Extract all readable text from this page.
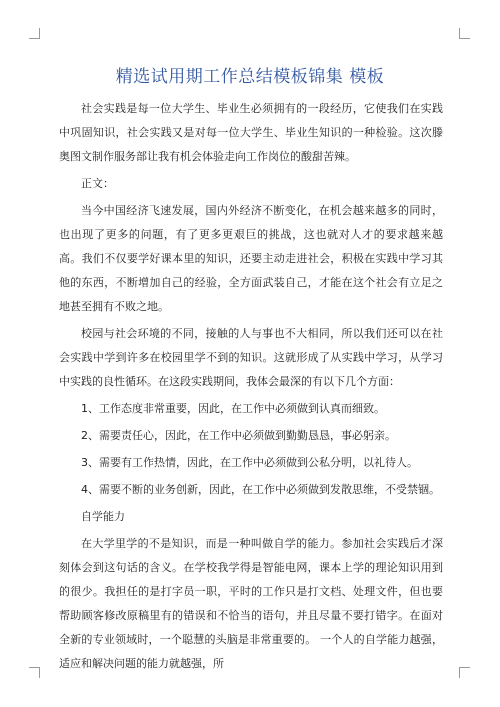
精选试用期工作总结模板锦集 模板

社会实践是每一位大学生、毕业生必须拥有的一段经历，它使我们在实践中巩固知识，社会实践又是对每一位大学生、毕业生知识的一种检验。这次滕奥图文制作服务部让我有机会体验走向工作岗位的酸甜苦辣。

正文：

当今中国经济飞速发展，国内外经济不断变化，在机会越来越多的同时，也出现了更多的问题，有了更多更艰巨的挑战，这也就对人才的要求越来越高。我们不仅要学好课本里的知识，还要主动走进社会，积极在实践中学习其他的东西，不断增加自己的经验，全方面武装自己，才能在这个社会有立足之地甚至拥有不败之地。

校园与社会环境的不同，接触的人与事也不大相同，所以我们还可以在社会实践中学到许多在校园里学不到的知识。这就形成了从实践中学习，从学习中实践的良性循环。在这段实践期间，我体会最深的有以下几个方面：

1、工作态度非常重要，因此，在工作中必须做到认真而细致。

2、需要责任心，因此，在工作中必须做到勤勤恳恳，事必躬亲。

3、需要有工作热情，因此，在工作中必须做到公私分明，以礼待人。

4、需要不断的业务创新，因此，在工作中必须做到发散思维，不受禁锢。

自学能力

在大学里学的不是知识，而是一种叫做自学的能力。参加社会实践后才深刻体会到这句话的含义。在学校我学得是智能电网，课本上学的理论知识用到的很少。我担任的是打字员一职，平时的工作只是打文档、处理文件，但也要帮助顾客修改原稿里有的错误和不恰当的语句，并且尽量不要打错字。在面对全新的专业领域时，一个聪慧的头脑是非常重要的。 一个人的自学能力越强，适应和解决问题的能力就越强，所
